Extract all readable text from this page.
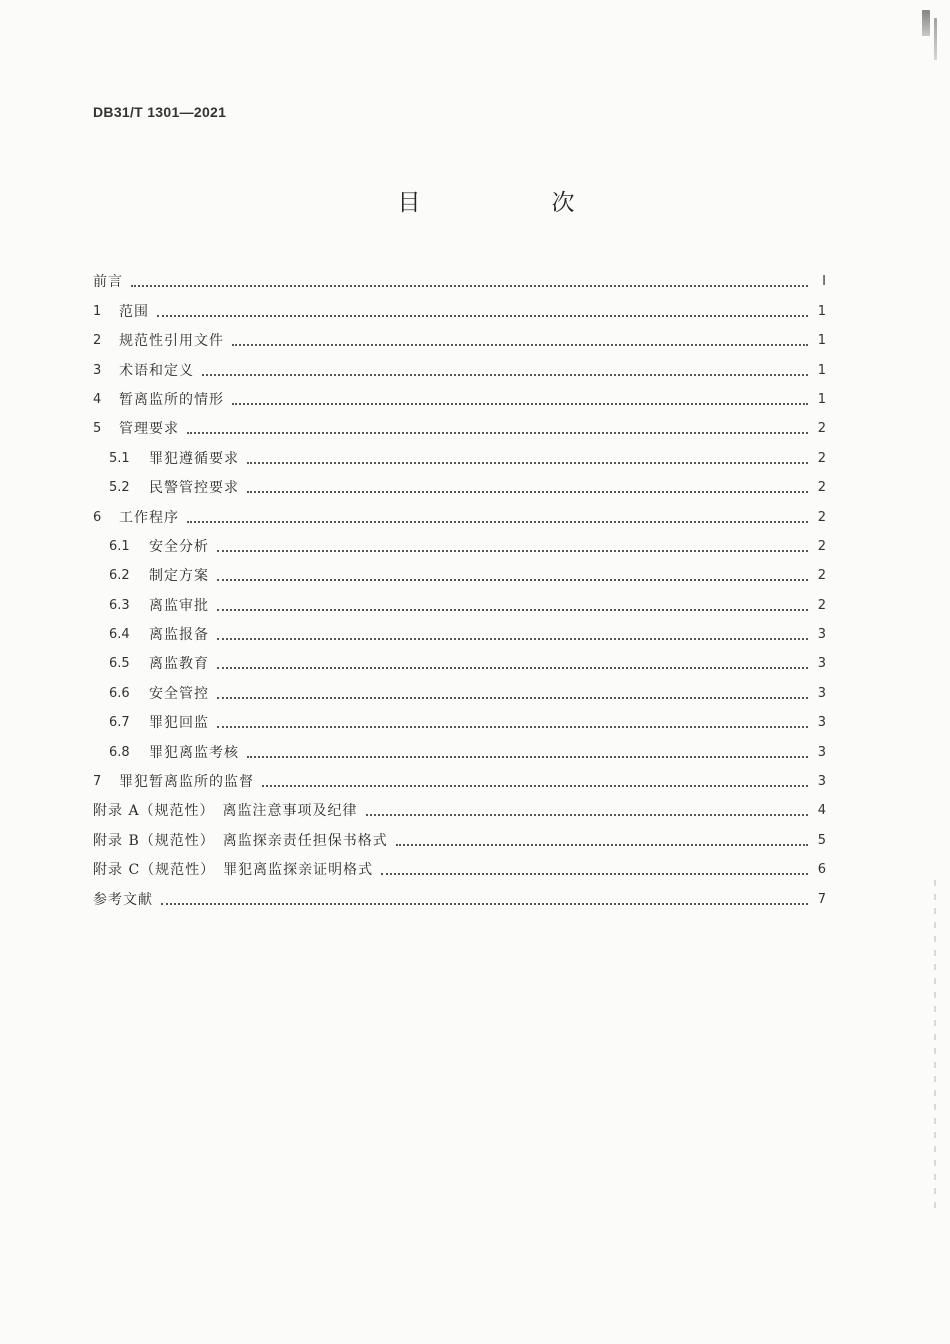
DB31/T 1301—2021
目　次
前言	Ⅰ
1	范围	1
2	规范性引用文件	1
3	术语和定义	1
4	暂离监所的情形	1
5	管理要求	2
5.1	罪犯遵循要求	2
5.2	民警管控要求	2
6	工作程序	2
6.1	安全分析	2
6.2	制定方案	2
6.3	离监审批	2
6.4	离监报备	3
6.5	离监教育	3
6.6	安全管控	3
6.7	罪犯回监	3
6.8	罪犯离监考核	3
7	罪犯暂离监所的监督	3
附录 A（规范性）　离监注意事项及纪律	4
附录 B（规范性）　离监探亲责任担保书格式	5
附录 C（规范性）　罪犯离监探亲证明格式	6
参考文献	7
